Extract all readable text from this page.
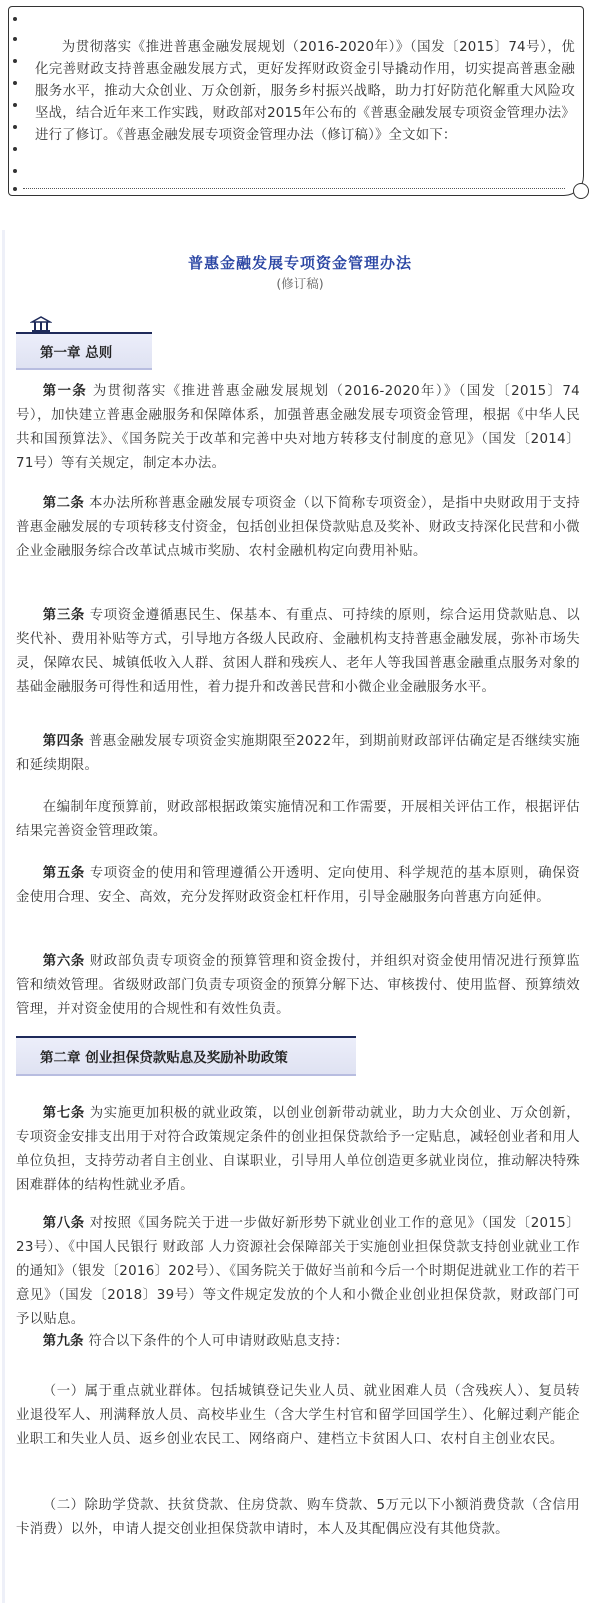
为贯彻落实《推进普惠金融发展规划（2016-2020年）》（国发〔2015〕74号），优化完善财政支持普惠金融发展方式，更好发挥财政资金引导撬动作用，切实提高普惠金融服务水平，推动大众创业、万众创新，服务乡村振兴战略，助力打好防范化解重大风险攻坚战，结合近年来工作实践，财政部对2015年公布的《普惠金融发展专项资金管理办法》进行了修订。《普惠金融发展专项资金管理办法（修订稿）》全文如下：
普惠金融发展专项资金管理办法
(修订稿)
第一章 总则
第一条 为贯彻落实《推进普惠金融发展规划（2016-2020年）》（国发〔2015〕74号），加快建立普惠金融服务和保障体系，加强普惠金融发展专项资金管理，根据《中华人民共和国预算法》、《国务院关于改革和完善中央对地方转移支付制度的意见》（国发〔2014〕71号）等有关规定，制定本办法。
第二条 本办法所称普惠金融发展专项资金（以下简称专项资金），是指中央财政用于支持普惠金融发展的专项转移支付资金，包括创业担保贷款贴息及奖补、财政支持深化民营和小微企业金融服务综合改革试点城市奖励、农村金融机构定向费用补贴。
第三条 专项资金遵循惠民生、保基本、有重点、可持续的原则，综合运用贷款贴息、以奖代补、费用补贴等方式，引导地方各级人民政府、金融机构支持普惠金融发展，弥补市场失灵，保障农民、城镇低收入人群、贫困人群和残疾人、老年人等我国普惠金融重点服务对象的基础金融服务可得性和适用性，着力提升和改善民营和小微企业金融服务水平。
第四条 普惠金融发展专项资金实施期限至2022年，到期前财政部评估确定是否继续实施和延续期限。
在编制年度预算前，财政部根据政策实施情况和工作需要，开展相关评估工作，根据评估结果完善资金管理政策。
第五条 专项资金的使用和管理遵循公开透明、定向使用、科学规范的基本原则，确保资金使用合理、安全、高效，充分发挥财政资金杠杆作用，引导金融服务向普惠方向延伸。
第六条 财政部负责专项资金的预算管理和资金拨付，并组织对资金使用情况进行预算监管和绩效管理。省级财政部门负责专项资金的预算分解下达、审核拨付、使用监督、预算绩效管理，并对资金使用的合规性和有效性负责。
第二章 创业担保贷款贴息及奖励补助政策
第七条 为实施更加积极的就业政策，以创业创新带动就业，助力大众创业、万众创新，专项资金安排支出用于对符合政策规定条件的创业担保贷款给予一定贴息，减轻创业者和用人单位负担，支持劳动者自主创业、自谋职业，引导用人单位创造更多就业岗位，推动解决特殊困难群体的结构性就业矛盾。
第八条 对按照《国务院关于进一步做好新形势下就业创业工作的意见》（国发〔2015〕23号）、《中国人民银行 财政部 人力资源社会保障部关于实施创业担保贷款支持创业就业工作的通知》（银发〔2016〕202号）、《国务院关于做好当前和今后一个时期促进就业工作的若干意见》（国发〔2018〕39号）等文件规定发放的个人和小微企业创业担保贷款，财政部门可予以贴息。
第九条 符合以下条件的个人可申请财政贴息支持：
（一）属于重点就业群体。包括城镇登记失业人员、就业困难人员（含残疾人）、复员转业退役军人、刑满释放人员、高校毕业生（含大学生村官和留学回国学生）、化解过剩产能企业职工和失业人员、返乡创业农民工、网络商户、建档立卡贫困人口、农村自主创业农民。
（二）除助学贷款、扶贫贷款、住房贷款、购车贷款、5万元以下小额消费贷款（含信用卡消费）以外，申请人提交创业担保贷款申请时，本人及其配偶应没有其他贷款。
